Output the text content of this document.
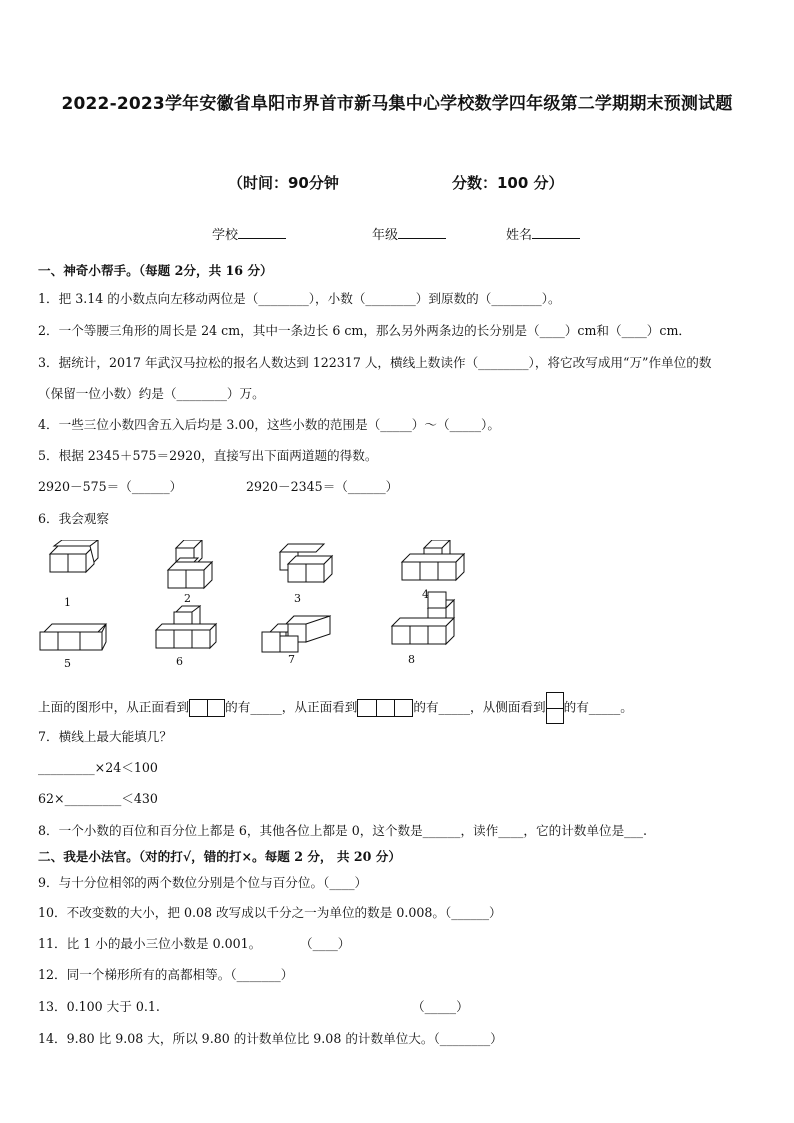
2022-2023学年安徽省阜阳市界首市新马集中心学校数学四年级第二学期期末预测试题
（时间：90分钟	分数：100 分）
学校	年级	姓名
一、神奇小帮手。（每题 2分，共 16 分）
1．把 3.14 的小数点向左移动两位是（________），小数（________）到原数的（________）。
2．一个等腰三角形的周长是 24 cm，其中一条边长 6 cm，那么另外两条边的长分别是（____）cm和（____）cm．
3．据统计，2017 年武汉马拉松的报名人数达到 122317 人，横线上数读作（________），将它改写成用“万”作单位的数
（保留一位小数）约是（________）万。
4．一些三位小数四舍五入后均是 3.00，这些小数的范围是（_____）～（_____）。
5．根据 2345＋575＝2920，直接写出下面两道题的得数。
2920－575＝（______）	2920－2345＝（______）
6．我会观察
1	2	3	4
5	6	7	8
上面的图形中，从正面看到	的有_____，从正面看到	的有_____，从侧面看到 的有_____。
7．横线上最大能填几？
_________×24＜100
62×_________＜430
8．一个小数的百位和百分位上都是 6，其他各位上都是 0，这个数是______，读作____，它的计数单位是___.
二、我是小法官。（对的打√，错的打×。每题 2 分， 共 20 分）
9．与十分位相邻的两个数位分别是个位与百分位。（____）
10．不改变数的大小，把 0.08 改写成以千分之一为单位的数是 0.008。（______）
11．比 1 小的最小三位小数是 0.001。	（____）
12．同一个梯形所有的高都相等。（_______）
13．0.100 大于 0.1.	（_____）
14．9.80 比 9.08 大，所以 9.80 的计数单位比 9.08 的计数单位大。（________）
